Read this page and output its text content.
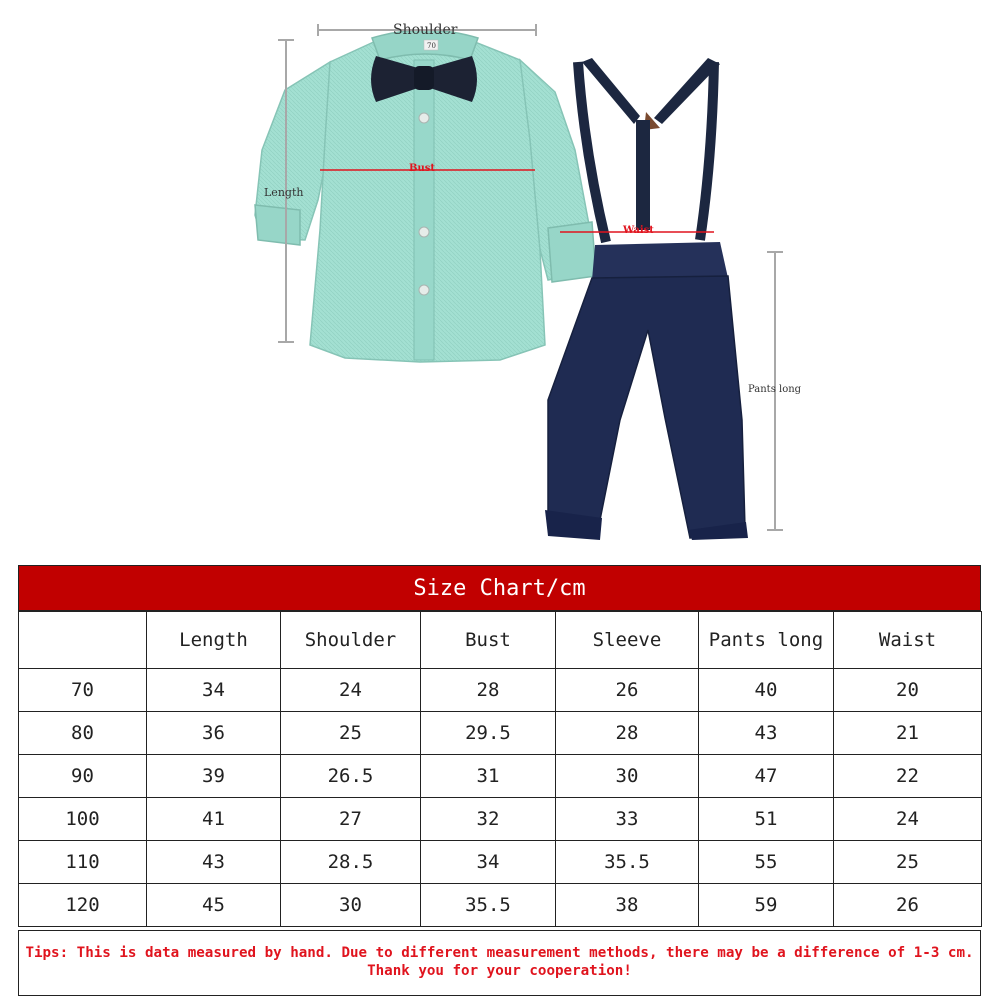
Shoulder
70
Length
Bust
Waist
Pants long
Size Chart/cm
	Length	Shoulder	Bust	Sleeve	Pants long	Waist
70	34	24	28	26	40	20
80	36	25	29.5	28	43	21
90	39	26.5	31	30	47	22
100	41	27	32	33	51	24
110	43	28.5	34	35.5	55	25
120	45	30	35.5	38	59	26
Tips: This is data measured by hand. Due to different measurement methods, there may be a difference of 1-3 cm. Thank you for your cooperation!
